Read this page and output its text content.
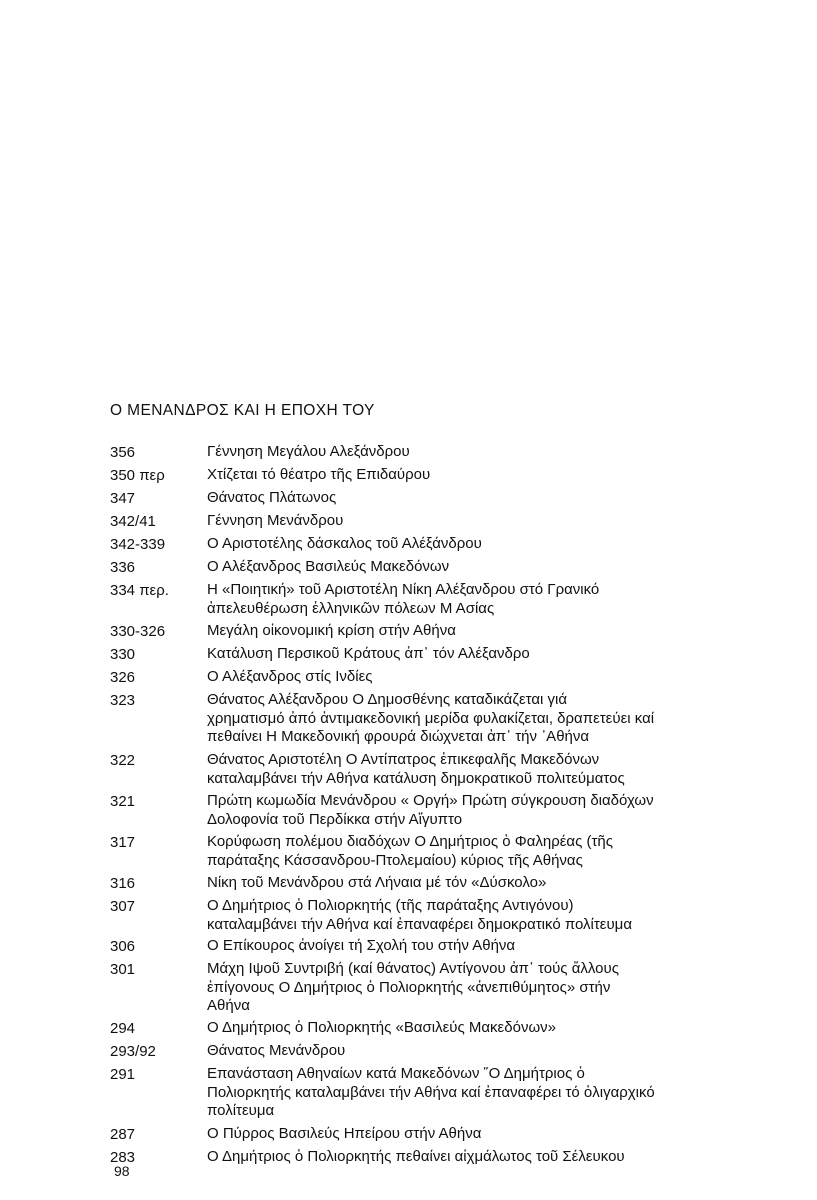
Ο ΜΕΝΑΝΔΡΟΣ ΚΑΙ Η ΕΠΟΧΗ ΤΟΥ
356	Γέννηση Μεγάλου Αλεξάνδρου
350 περ	Χτίζεται τό θέατρο τῆς Επιδαύρου
347	Θάνατος Πλάτωνος
342/41	Γέννηση Μενάνδρου
342-339	Ο Αριστοτέλης δάσκαλος τοῦ Αλέξάνδρου
336	Ο Αλέξανδρος Βασιλεύς Μακεδόνων
334 περ.	Η «Ποιητική» τοῦ Αριστοτέλη Νίκη Αλέξανδρου στό Γρανικό
ἀπελευθέρωση ἑλληνικῶν πόλεων Μ Ασίας
330-326	Μεγάλη οἰκονομική κρίση στήν Αθήνα
330	Κατάλυση Περσικοῦ Κράτους ἀπ᾽ τόν Αλέξανδρο
326	Ο Αλέξανδρος στίς Ινδίες
323	Θάνατος Αλέξανδρου Ο Δημοσθένης καταδικάζεται γιά
χρηματισμό ἀπό ἀντιμακεδονική μερίδα φυλακίζεται, δραπετεύει καί
πεθαίνει Η Μακεδονική φρουρά διώχνεται ἀπ᾽ τήν ᾽Αθήνα
322	Θάνατος Αριστοτέλη Ο Αντίπατρος ἐπικεφαλῆς Μακεδόνων
καταλαμβάνει τήν Αθήνα κατάλυση δημοκρατικοῦ πολιτεύματος
321	Πρώτη κωμωδία Μενάνδρου « Οργή» Πρώτη σύγκρουση διαδόχων
Δολοφονία τοῦ Περδίκκα στήν Αἴγυπτο
317	Κορύφωση πολέμου διαδόχων Ο Δημήτριος ὁ Φαληρέας (τῆς
παράταξης Κάσσανδρου-Πτολεμαίου) κύριος τῆς Αθήνας
316	Νίκη τοῦ Μενάνδρου στά Λήναια μέ τόν «Δύσκολο»
307	Ο Δημήτριος ὁ Πολιορκητής (τῆς παράταξης Αντιγόνου)
καταλαμβάνει τήν Αθήνα καί ἐπαναφέρει δημοκρατικό πολίτευμα
306	Ο Επίκουρος ἀνοίγει τή Σχολή του στήν Αθήνα
301	Μάχη Ιψοῦ Συντριβή (καί θάνατος) Αντίγονου ἀπ᾽ τούς ἄλλους
ἐπίγονους Ο Δημήτριος ὁ Πολιορκητής «ἀνεπιθύμητος» στήν
Αθήνα
294	Ο Δημήτριος ὁ Πολιορκητής «Βασιλεύς Μακεδόνων»
293/92	Θάνατος Μενάνδρου
291	Επανάσταση Αθηναίων κατά Μακεδόνων ῞Ο Δημήτριος ὁ
Πολιορκητής καταλαμβάνει τήν Αθήνα καί ἐπαναφέρει τό ὀλιγαρχικό
πολίτευμα
287	Ο Πύρρος Βασιλεύς Ηπείρου στήν Αθήνα
283	Ο Δημήτριος ὁ Πολιορκητής πεθαίνει αἰχμάλωτος τοῦ Σέλευκου
98
